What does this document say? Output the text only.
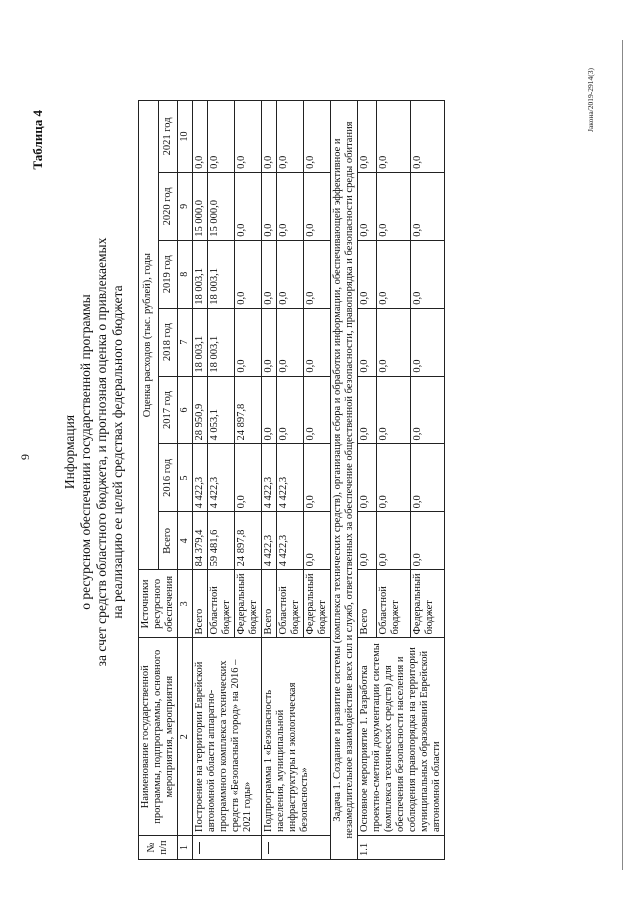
9
Таблица 4
Информация о ресурсном обеспечении государственной программы за счет средств областного бюджета, и прогнозная оценка о привлекаемых на реализацию ее целей средствах федерального бюджета
№ п/п	Наименование государственной программы, подпрограммы, основного мероприятия, мероприятия	Источники ресурсного обеспечения	Оценка расходов (тыс. рублей), годы						
			Всего	2016 год	2017 год	2018 год	2019 год	2020 год	2021 год
1	2	3	4	5	6	7	8	9	10
	Построение на территории Еврейской автономной области аппаратно-программного комплекса технических средств «Безопасный город» на 2016 – 2021 годы»	Всего	84 379,4	4 422,3	28 950,9	18 003,1	18 003,1	15 000,0	0,0
		Областной бюджет	59 481,6	4 422,3	4 053,1	18 003,1	18 003,1	15 000,0	0,0
		Федеральный бюджет	24 897,8	0,0	24 897,8	0,0	0,0	0,0	0,0
	Подпрограмма 1 «Безопасность населения, муниципальной инфраструктуры и экологическая безопасность»	Всего	4 422,3	4 422,3	0,0	0,0	0,0	0,0	0,0
		Областной бюджет	4 422,3	4 422,3	0,0	0,0	0,0	0,0	0,0
		Федеральный бюджет	0,0	0,0	0,0	0,0	0,0	0,0	0,0
Задача 1. Создание и развитие системы (комплекса технических средств), организация сбора и обработки информации, обеспечивающей эффективное и незамедлительное взаимодействие всех сил и служб, ответственных за обеспечение общественной безопасности, правопорядка и безопасности среды обитания									
1.1	Основное мероприятие 1. Разработка проектно-сметной документации системы (комплекса технических средств) для обеспечения безопасности населения и соблюдения правопорядка на территории муниципальных образований Еврейской автономной области	Всего	0,0	0,0	0,0	0,0	0,0	0,0	0,0
		Областной бюджет	0,0	0,0	0,0	0,0	0,0	0,0	0,0
		Федеральный бюджет	0,0	0,0	0,0	0,0	0,0	0,0	0,0
Jакона/2019-2914(3)
